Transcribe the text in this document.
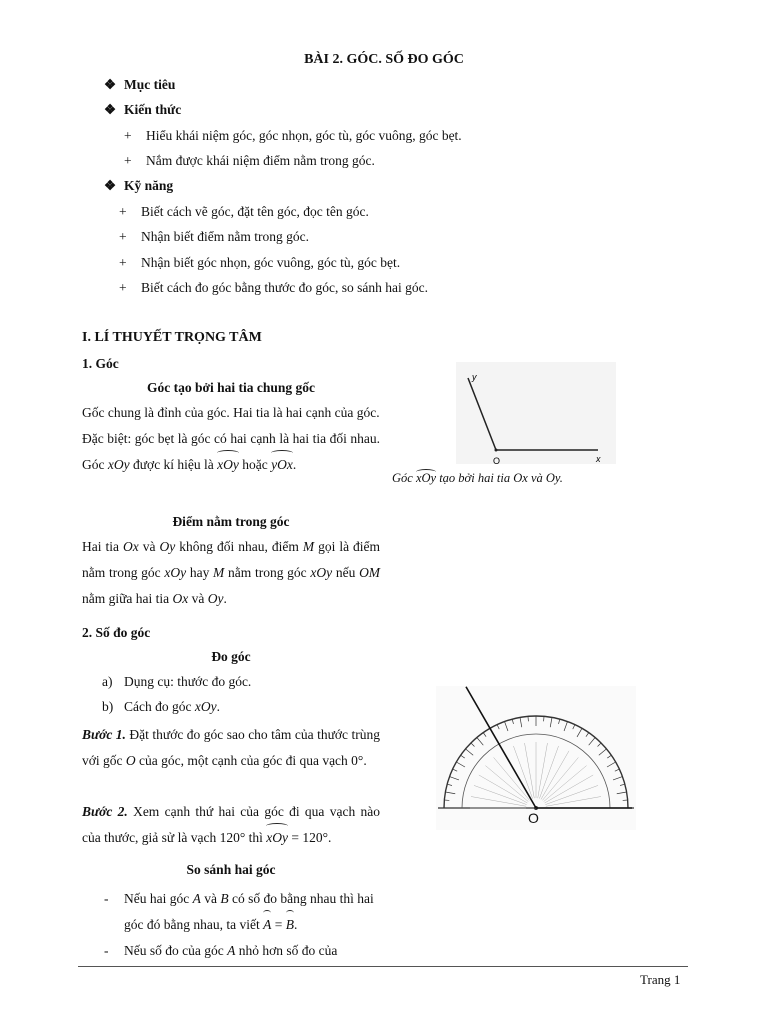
BÀI 2. GÓC. SỐ ĐO GÓC
❖ Mục tiêu
❖ Kiến thức
+ Hiểu khái niệm góc, góc nhọn, góc tù, góc vuông, góc bẹt.
+ Nắm được khái niệm điểm nằm trong góc.
❖ Kỹ năng
+ Biết cách vẽ góc, đặt tên góc, đọc tên góc.
+ Nhận biết điểm nằm trong góc.
+ Nhận biết góc nhọn, góc vuông, góc tù, góc bẹt.
+ Biết cách đo góc bằng thước đo góc, so sánh hai góc.
I. LÍ THUYẾT TRỌNG TÂM
1. Góc
Góc tạo bởi hai tia chung gốc
Gốc chung là đỉnh của góc. Hai tia là hai cạnh của góc.
Đặc biệt: góc bẹt là góc có hai cạnh là hai tia đối nhau. Góc xOy được kí hiệu là xOy hoặc yOx.
Điểm nằm trong góc
Hai tia Ox và Oy không đối nhau, điểm M gọi là điểm nằm trong góc xOy hay M nằm trong góc xOy nếu OM nằm giữa hai tia Ox và Oy.
2. Số đo góc
Đo góc
a) Dụng cụ: thước đo góc.
b) Cách đo góc xOy.
Bước 1. Đặt thước đo góc sao cho tâm của thước trùng với gốc O của góc, một cạnh của góc đi qua vạch 0°.
Bước 2. Xem cạnh thứ hai của góc đi qua vạch nào của thước, giả sử là vạch 120° thì xOy = 120°.
So sánh hai góc
- Nếu hai góc A và B có số đo bằng nhau thì hai góc đó bằng nhau, ta viết A = B.
- Nếu số đo của góc A nhỏ hơn số đo của
y
O	x
Góc xOy tạo bởi hai tia Ox và Oy.
O
Trang 1
